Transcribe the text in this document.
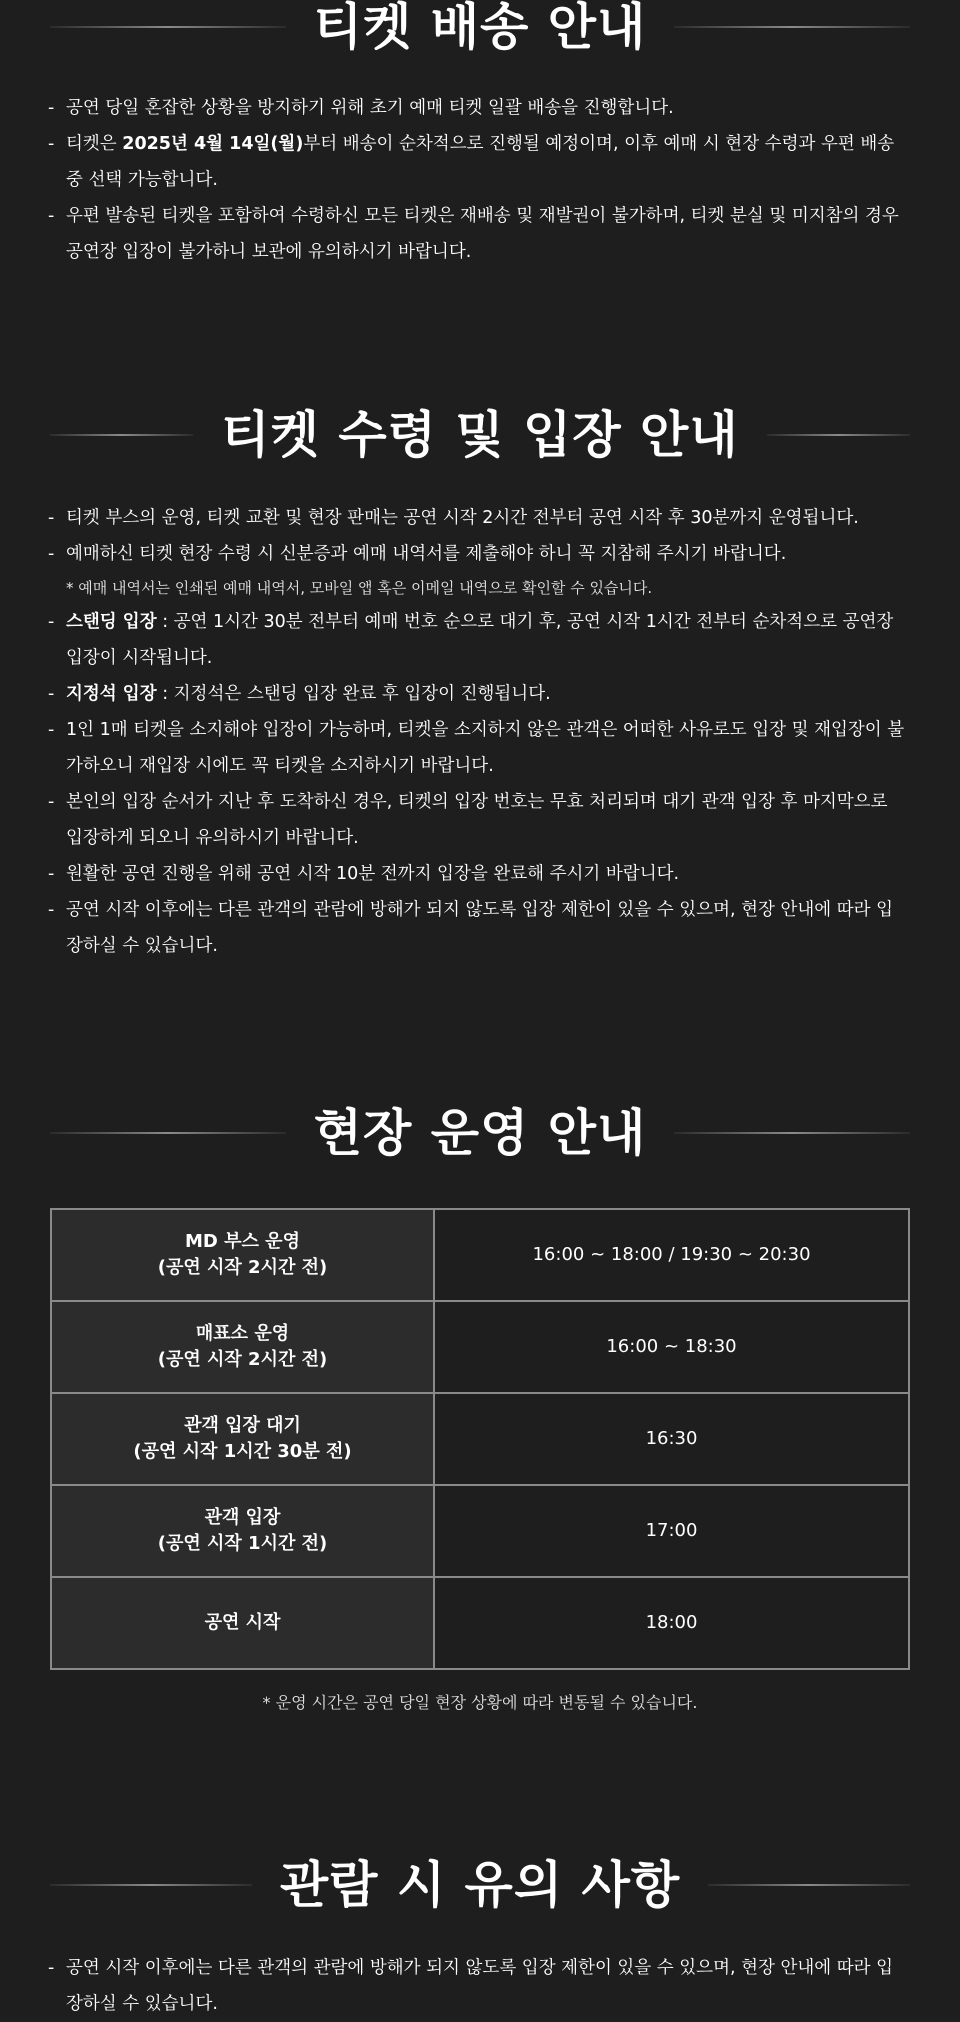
티켓 배송 안내
- 공연 당일 혼잡한 상황을 방지하기 위해 초기 예매 티켓 일괄 배송을 진행합니다.
- 티켓은 2025년 4월 14일(월)부터 배송이 순차적으로 진행될 예정이며, 이후 예매 시 현장 수령과 우편 배송 중 선택 가능합니다.
- 우편 발송된 티켓을 포함하여 수령하신 모든 티켓은 재배송 및 재발권이 불가하며, 티켓 분실 및 미지참의 경우 공연장 입장이 불가하니 보관에 유의하시기 바랍니다.
티켓 수령 및 입장 안내
- 티켓 부스의 운영, 티켓 교환 및 현장 판매는 공연 시작 2시간 전부터 공연 시작 후 30분까지 운영됩니다.
- 예매하신 티켓 현장 수령 시 신분증과 예매 내역서를 제출해야 하니 꼭 지참해 주시기 바랍니다.
* 예매 내역서는 인쇄된 예매 내역서, 모바일 앱 혹은 이메일 내역으로 확인할 수 있습니다.
- 스탠딩 입장 : 공연 1시간 30분 전부터 예매 번호 순으로 대기 후, 공연 시작 1시간 전부터 순차적으로 공연장 입장이 시작됩니다.
- 지정석 입장 : 지정석은 스탠딩 입장 완료 후 입장이 진행됩니다.
- 1인 1매 티켓을 소지해야 입장이 가능하며, 티켓을 소지하지 않은 관객은 어떠한 사유로도 입장 및 재입장이 불가하오니 재입장 시에도 꼭 티켓을 소지하시기 바랍니다.
- 본인의 입장 순서가 지난 후 도착하신 경우, 티켓의 입장 번호는 무효 처리되며 대기 관객 입장 후 마지막으로 입장하게 되오니 유의하시기 바랍니다.
- 원활한 공연 진행을 위해 공연 시작 10분 전까지 입장을 완료해 주시기 바랍니다.
- 공연 시작 이후에는 다른 관객의 관람에 방해가 되지 않도록 입장 제한이 있을 수 있으며, 현장 안내에 따라 입장하실 수 있습니다.
현장 운영 안내
MD 부스 운영
(공연 시작 2시간 전)	16:00 ~ 18:00 / 19:30 ~ 20:30
매표소 운영
(공연 시작 2시간 전)	16:00 ~ 18:30
관객 입장 대기
(공연 시작 1시간 30분 전)	16:30
관객 입장
(공연 시작 1시간 전)	17:00
공연 시작	18:00
* 운영 시간은 공연 당일 현장 상황에 따라 변동될 수 있습니다.
관람 시 유의 사항
- 공연 시작 이후에는 다른 관객의 관람에 방해가 되지 않도록 입장 제한이 있을 수 있으며, 현장 안내에 따라 입장하실 수 있습니다.
